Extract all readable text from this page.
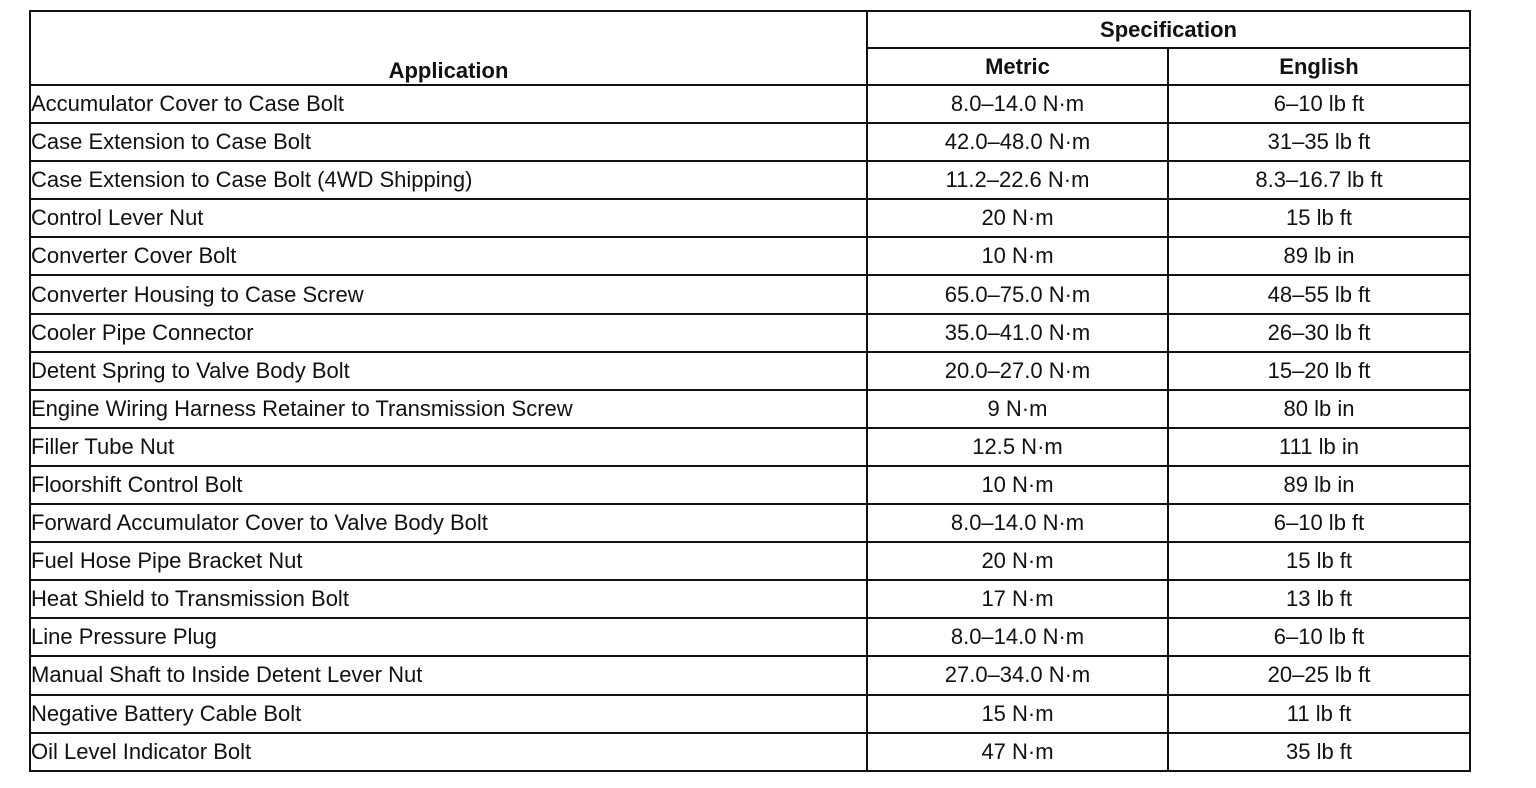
Application	Specification	
	Metric	English
Accumulator Cover to Case Bolt	8.0–14.0 N·m	6–10 lb ft
Case Extension to Case Bolt	42.0–48.0 N·m	31–35 lb ft
Case Extension to Case Bolt (4WD Shipping)	11.2–22.6 N·m	8.3–16.7 lb ft
Control Lever Nut	20 N·m	15 lb ft
Converter Cover Bolt	10 N·m	89 lb in
Converter Housing to Case Screw	65.0–75.0 N·m	48–55 lb ft
Cooler Pipe Connector	35.0–41.0 N·m	26–30 lb ft
Detent Spring to Valve Body Bolt	20.0–27.0 N·m	15–20 lb ft
Engine Wiring Harness Retainer to Transmission Screw	9 N·m	80 lb in
Filler Tube Nut	12.5 N·m	111 lb in
Floorshift Control Bolt	10 N·m	89 lb in
Forward Accumulator Cover to Valve Body Bolt	8.0–14.0 N·m	6–10 lb ft
Fuel Hose Pipe Bracket Nut	20 N·m	15 lb ft
Heat Shield to Transmission Bolt	17 N·m	13 lb ft
Line Pressure Plug	8.0–14.0 N·m	6–10 lb ft
Manual Shaft to Inside Detent Lever Nut	27.0–34.0 N·m	20–25 lb ft
Negative Battery Cable Bolt	15 N·m	11 lb ft
Oil Level Indicator Bolt	47 N·m	35 lb ft
